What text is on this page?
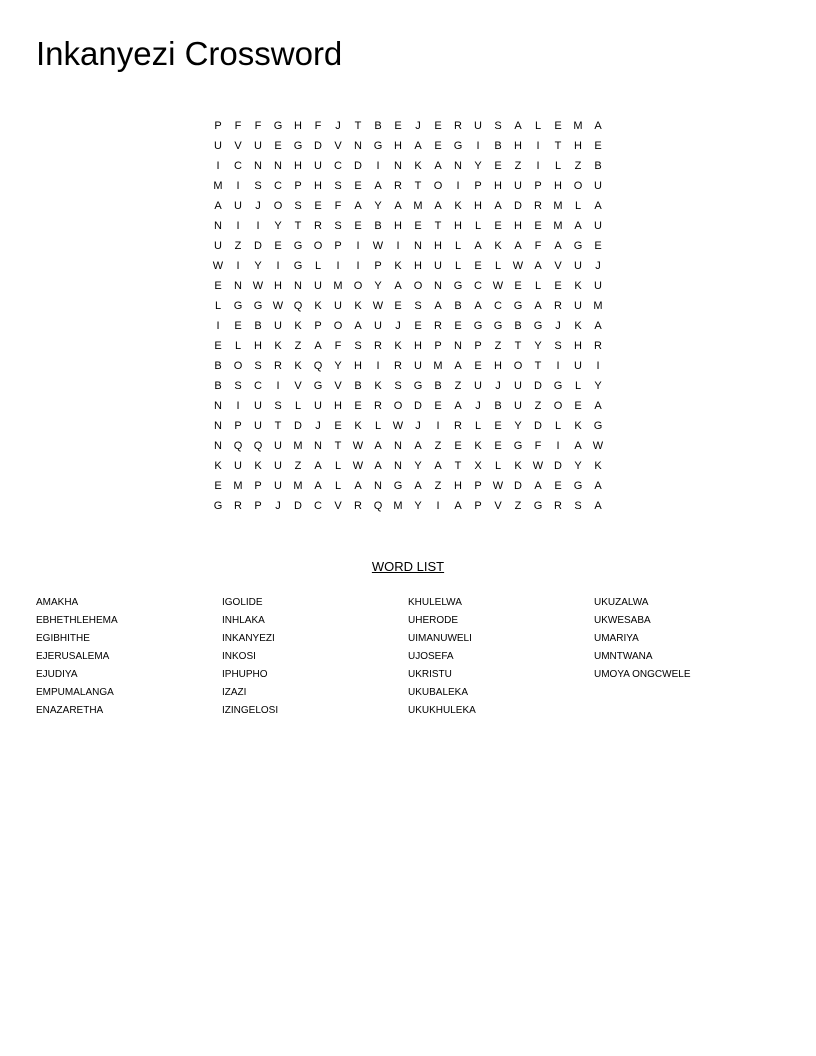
Inkanyezi Crossword
P	F	F	G	H	F	J	T	B	E	J	E	R	U	S	A	L	E	M	A
U	V	U	E	G	D	V	N	G	H	A	E	G	I	B	H	I	T	H	E
I	C	N	N	H	U	C	D	I	N	K	A	N	Y	E	Z	I	L	Z	B
M	I	S	C	P	H	S	E	A	R	T	O	I	P	H	U	P	H	O	U
A	U	J	O	S	E	F	A	Y	A	M	A	K	H	A	D	R	M	L	A
N	I	I	Y	T	R	S	E	B	H	E	T	H	L	E	H	E	M	A	U
U	Z	D	E	G	O	P	I	W	I	N	H	L	A	K	A	F	A	G	E
W	I	Y	I	G	L	I	I	P	K	H	U	L	E	L	W	A	V	U	J
E	N W H	N	U	M	O	Y	A	O	N	G	C W	E	L	E	K	U
L	G	G W Q	K	U	K	W	E	S	A	B	A	C	G	A	R	U	M
I	E	B	U	K	P	O	A	U	J	E	R	E	G	G	B	G	J	K	A
E	L	H	K	Z	A	F	S	R	K	H	P	N	P	Z	T	Y	S	H	R
B	O	S	R	K	Q	Y	H	I	R	U	M	A	E	H	O	T	I	U	I
B	S	C	I	V	G	V	B	K	S	G	B	Z	U	J	U	D	G	L	Y
N	I	U	S	L	U	H	E	R	O	D	E	A	J	B	U	Z	O	E	A
N	P	U	T	D	J	E	K	L	W	J	I	R	L	E	Y	D	L	K	G
N	Q	Q	U	M	N	T	W	A	N	A	Z	E	K	E	G	F	I	A	W
K	U	K	U	Z	A	L	W	A	N	Y	A	T	X	L	K	W D	Y	K
E	M	P	U	M	A	L	A	N	G	A	Z	H	P	W D	A	E	G	A
G	R	P	J	D	C	V	R	Q	M	Y	I	A	P	V	Z	G	R	S	A
WORD LIST
AMAKHA
EBHETHLEHEMA
EGIBHITHE
EJERUSALEMA
EJUDIYA
EMPUMALANGA
ENAZARETHA
IGOLIDE
INHLAKA
INKANYEZI
INKOSI
IPHUPHO
IZAZI
IZINGELOSI
KHULELWA
UHERODE
UIMANUWELI
UJOSEFA
UKRISTU
UKUBALEKA
UKUKHULEKA
UKUZALWA
UKWESABA
UMARIYA
UMNTWANA
UMOYA ONGCWELE
